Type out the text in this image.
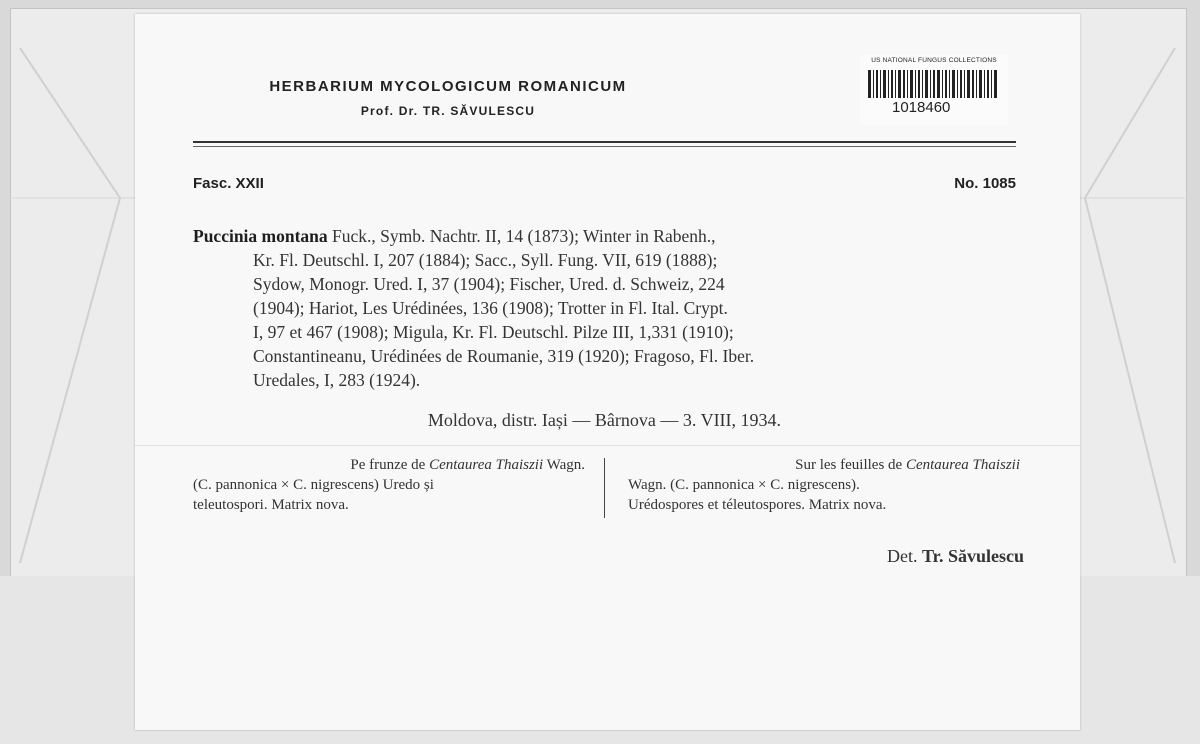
HERBARIUM MYCOLOGICUM ROMANICUM
Prof. Dr. TR. SĂVULESCU
US NATIONAL FUNGUS COLLECTIONS
1018460
Fasc. XXII	No. 1085
Puccinia montana Fuck., Symb. Nachtr. II, 14 (1873); Winter in Rabenh.,
Kr. Fl. Deutschl. I, 207 (1884); Sacc., Syll. Fung. VII, 619 (1888);
Sydow, Monogr. Ured. I, 37 (1904); Fischer, Ured. d. Schweiz, 224
(1904); Hariot, Les Urédinées, 136 (1908); Trotter in Fl. Ital. Crypt.
I, 97 et 467 (1908); Migula, Kr. Fl. Deutschl. Pilze III, 1,331 (1910);
Constantineanu, Urédinées de Roumanie, 319 (1920); Fragoso, Fl. Iber.
Uredales, I, 283 (1924).
Moldova, distr. Iași — Bârnova — 3. VIII, 1934.
Pe frunze de Centaurea Thaiszii Wagn.
(C. pannonica × C. nigrescens) Uredo și
teleutospori. Matrix nova.
Sur les feuilles de Centaurea Thaiszii
Wagn. (C. pannonica × C. nigrescens).
Urédospores et téleutospores. Matrix nova.
Det. Tr. Săvulescu
